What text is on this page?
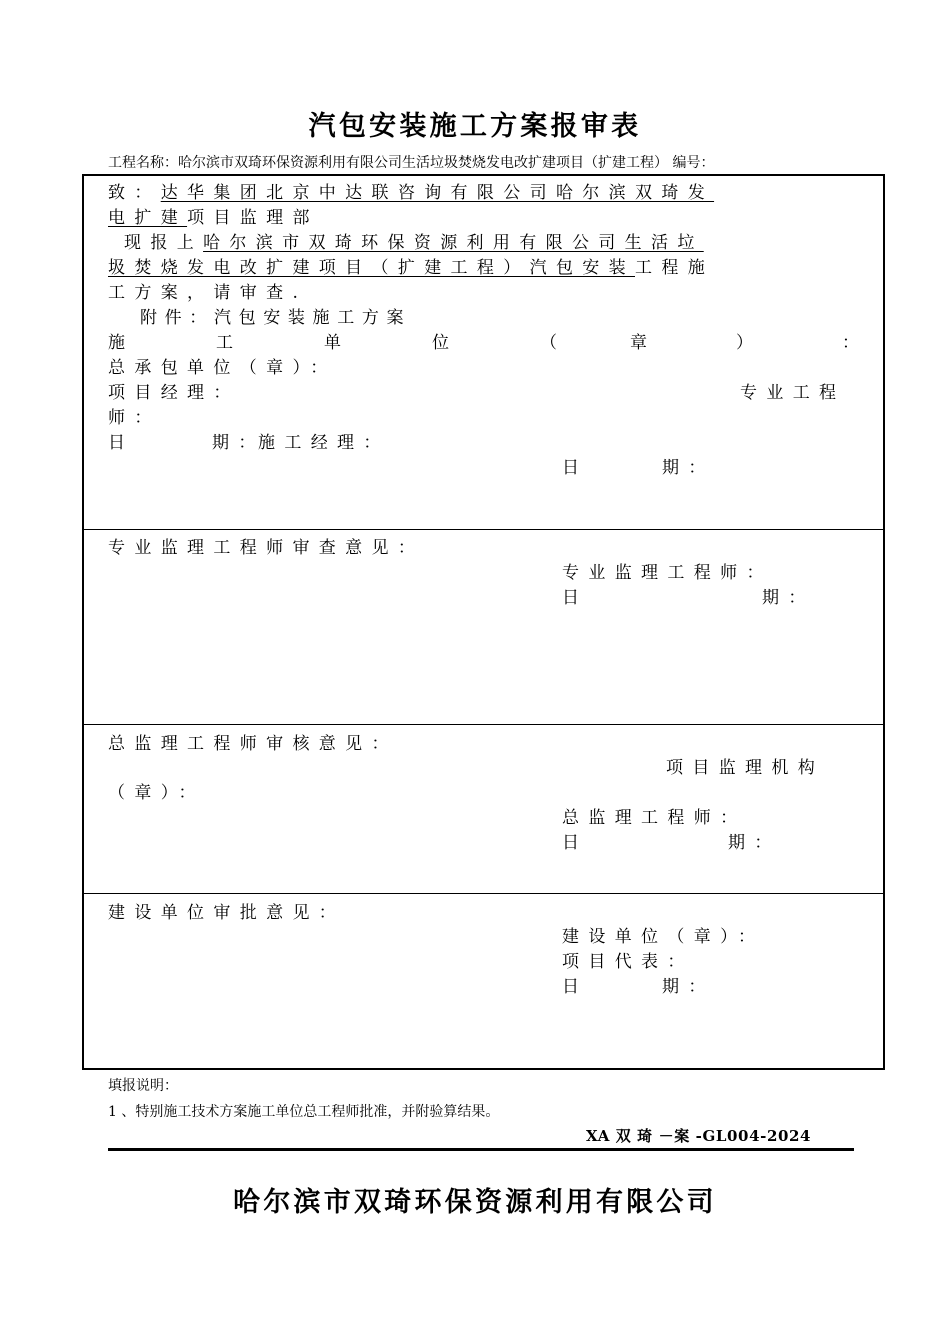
汽包安装施工方案报审表
工程名称：哈尔滨市双琦环保资源利用有限公司生活垃圾焚烧发电改扩建项目（扩建工程） 编号：
致：达华集团北京中达联咨询有限公司哈尔滨双琦发
电扩建项目监理部
现报上哈尔滨市双琦环保资源利用有限公司生活垃
圾焚烧发电改扩建项目（扩建工程）汽包安装工程施
工方案，请审查.
附件：汽包安装施工方案
施	工	单	位	（	章	）	：
总承包单位（章）：
项目经理：	专业工程
师：
日	期：
施工经理：
日	期：
专业监理工程师审查意见：
专业监理工程师：
日	期：
总监理工程师审核意见：
项目监理机构
（章）：
总监理工程师：
日	期：
建设单位审批意见：
建设单位（章）：
项目代表：
日	期：
填报说明：
1 、特别施工技术方案施工单位总工程师批准，并附验算结果。
XA 双 琦 －案 -GL004-2024
哈尔滨市双琦环保资源利用有限公司
